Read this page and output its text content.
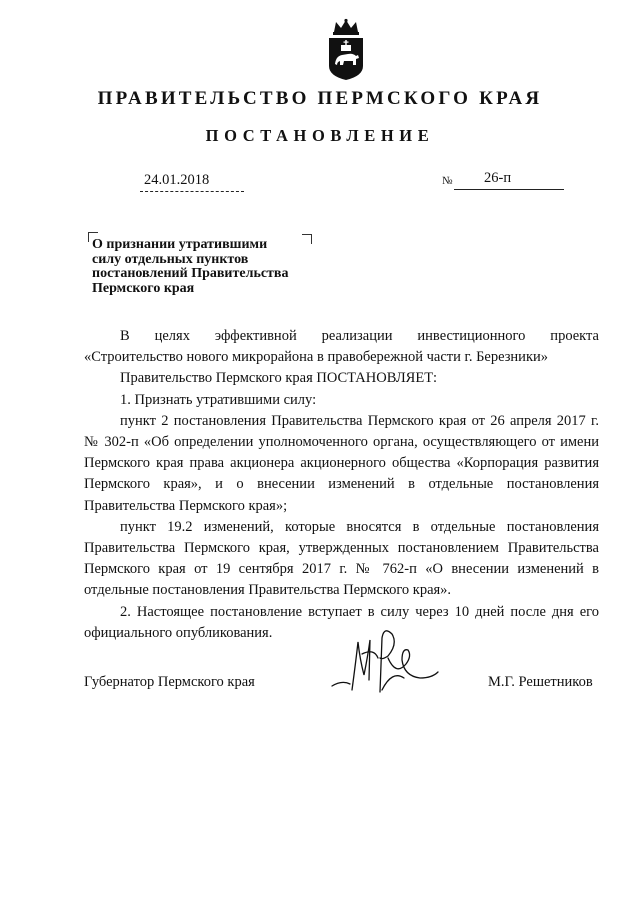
ПРАВИТЕЛЬСТВО ПЕРМСКОГО КРАЯ
ПОСТАНОВЛЕНИЕ
24.01.2018	№ 26-п
О признании утратившими
силу отдельных пунктов
постановлений Правительства
Пермского края

В целях эффективной реализации инвестиционного проекта

«Строительство нового микрорайона в правобережной части г. Березники»

Правительство Пермского края ПОСТАНОВЛЯЕТ:

1. Признать утратившими силу:

пункт 2 постановления Правительства Пермского края от 26 апреля 2017 г. № 302-п «Об определении уполномоченного органа, осуществляющего от имени Пермского края права акционера акционерного общества «Корпорация развития Пермского края», и о внесении изменений в отдельные постановления Правительства Пермского края»;

пункт 19.2 изменений, которые вносятся в отдельные постановления Правительства Пермского края, утвержденных постановлением Правительства Пермского края от 19 сентября 2017 г. № 762-п «О внесении изменений в отдельные постановления Правительства Пермского края».

2. Настоящее постановление вступает в силу через 10 дней после дня его официального опубликования.

Губернатор Пермского края	М.Г. Решетников
